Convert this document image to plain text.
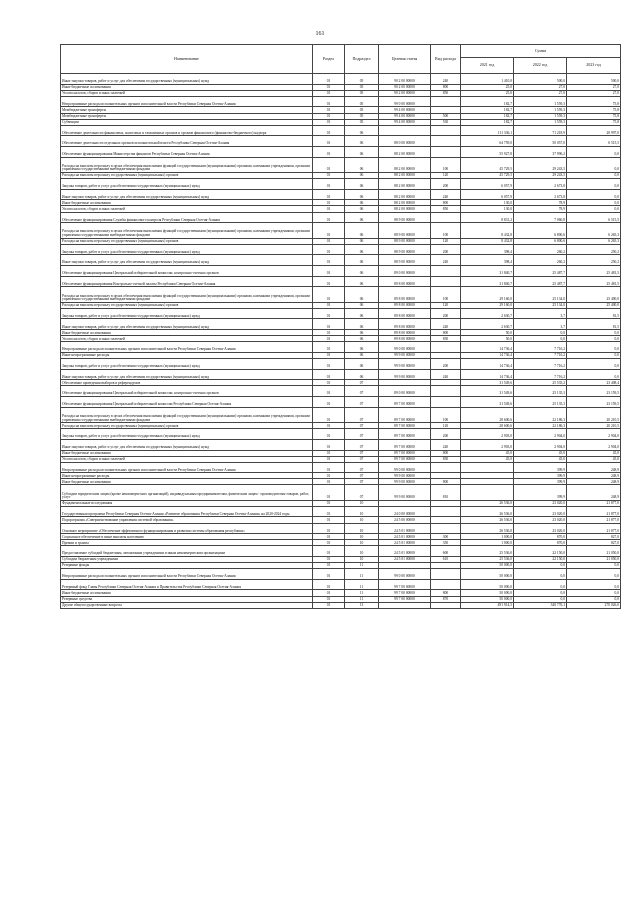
161
Наименование	Раздел	Подраздел	Целевая статья	Вид расхода	Сумма		
					2021 год	2022 год	2023 год
Иные закупки товаров, работ и услуг для обеспечения государственных (муниципальных) нужд	01	05	90 2 00 00000	240	1 410,0	500,0	500,0
Иные бюджетные ассигнования	01	05	90 2 00 00000	800	25,0	27,0	27,0
Уплата налогов, сборов и иных платежей	01	05	90 2 00 00000	850	25,0	27,0	27,0
Непрограммные расходы исполнительных органов исполнительной власти Республики Северная Осетия-Алания	01	05	99 0 00 00000		182,7	1 559,3	75,8
Межбюджетные трансферты	01	05	99 4 00 00000		182,7	1 559,3	75,8
Межбюджетные трансферты	01	05	99 4 00 00000	500	182,7	1 559,3	75,8
Субвенции	01	05	99 4 00 00000	530	182,7	1 559,3	75,8
Обеспечение деятельности финансовых, налоговых и таможенных органов и органов финансового (финансово-бюджетного) надзора	01	06			111 336,1	71 218,9	20 997,0
Обеспечение деятельности отдельных органов исполнительной власти Республики Северная Осетия-Алания	01	06	88 0 00 00000		64 759,0	50 057,0	6 515,5
Обеспечение функционирования Министерства финансов Республики Северная Осетия-Алания	01	06	88 2 00 00000		55 927,8	37 996,2	0,0
Расходы на выплаты персоналу в целях обеспечения выполнения функций государственными (муниципальными) органами, казенными учреждениями, органами управления государственными внебюджетными фондами	01	06	88 2 00 00000	100	45 729,5	29 243,5	0,0
Расходы на выплаты персоналу государственных (муниципальных) органов	01	06	88 2 00 00000	120	45 729,5	29 243,5	0,0
Закупка товаров, работ и услуг для обеспечения государственных (муниципальных) нужд	01	06	88 2 00 00000	200	6 057,9	2 673,8	0,0
Иные закупки товаров, работ и услуг для обеспечения государственных (муниципальных) нужд	01	06	88 2 00 00000	240	6 057,9	2 673,8	0,0
Иные бюджетные ассигнования	01	06	88 2 00 00000	800	130,0	78,9	0,0
Уплата налогов, сборов и иных платежей	01	06	88 2 00 00000	850	130,0	78,9	0,0
Обеспечение функционирования Службы финансового контроля Республики Северная Осетия-Алания	01	06	88 9 00 00000		8 831,2	7 060,8	6 515,5
Расходы на выплаты персоналу в целях обеспечения выполнения функций государственными (муниципальными) органами, казенными учреждениями, органами управления государственными внебюджетными фондами	01	06	88 9 00 00000	100	8 432,8	6 800,6	6 265,3
Расходы на выплаты персоналу государственных (муниципальных) органов	01	06	88 9 00 00000	120	8 432,8	6 800,6	6 265,3
Закупка товаров, работ и услуг для обеспечения государственных (муниципальных) нужд	01	06	88 9 00 00000	200	398,4	260,2	250,2
Иные закупки товаров, работ и услуг для обеспечения государственных (муниципальных) нужд	01	06	88 9 00 00000	240	398,4	260,2	250,2
Обеспечение функционирования Центральной избирательной комиссии, контрольно-счетных органов	01	06	89 0 00 00000		31 840,7	25 487,7	25 481,5
Обеспечение функционирования Контрольно-счетной палаты Республики Северная Осетия-Алания	01	06	89 8 00 00000		31 840,7	25 487,7	25 481,5
Расходы на выплаты персоналу в целях обеспечения выполнения функций государственными (муниципальными) органами, казенными учреждениями, органами управления государственными внебюджетными фондами	01	06	89 8 00 00000	100	29 160,0	25 134,0	25 400,0
Расходы на выплаты персоналу государственных (муниципальных) органов	01	06	89 8 00 00000	120	29 160,0	25 134,0	25 400,0
Закупка товаров, работ и услуг для обеспечения государственных (муниципальных) нужд	01	06	89 8 00 00000	200	2 630,7	3,7	81,5
Иные закупки товаров, работ и услуг для обеспечения государственных (муниципальных) нужд	01	06	89 8 00 00000	240	2 630,7	3,7	81,5
Иные бюджетные ассигнования	01	06	89 8 00 00000	800	50,0	0,0	0,0
Уплата налогов, сборов и иных платежей	01	06	89 8 00 00000	850	50,0	0,0	0,0
Непрограммные расходы исполнительных органов исполнительной власти Республики Северная Осетия-Алания	01	06	99 0 00 00000		14 736,4	7 716,2	0,0
Иные непрограммные расходы	01	06	99 9 00 00000		14 736,4	7 716,2	0,0
Закупка товаров, работ и услуг для обеспечения государственных (муниципальных) нужд	01	06	99 9 00 00000	200	14 736,4	7 716,2	0,0
Иные закупки товаров, работ и услуг для обеспечения государственных (муниципальных) нужд	01	06	99 9 00 00000	240	14 736,4	7 716,2	0,0
Обеспечение проведения выборов и референдумов	01	07			31 549,6	25 535,2	23 408,4
Обеспечение функционирования Центральной избирательной комиссии, контрольно-счетных органов	01	07	89 0 00 00000		31 549,6	25 135,3	23 159,5
Обеспечение функционирования Центральной избирательной комиссии Республики Северная Осетия-Алания	01	07	89 7 00 00000		31 549,6	25 135,3	23 159,5
Расходы на выплаты персоналу в целях обеспечения выполнения функций государственными (муниципальными) органами, казенными учреждениями, органами управления государственными внебюджетными фондами	01	07	89 7 00 00000	100	28 600,6	22 186,3	20 210,5
Расходы на выплаты персоналу государственных (муниципальных) органов	01	07	89 7 00 00000	120	28 600,6	22 186,3	20 210,5
Закупка товаров, работ и услуг для обеспечения государственных (муниципальных) нужд	01	07	89 7 00 00000	200	2 903,0	2 904,0	2 904,0
Иные закупки товаров, работ и услуг для обеспечения государственных (муниципальных) нужд	01	07	89 7 00 00000	240	2 903,0	2 904,0	2 904,0
Иные бюджетные ассигнования	01	07	89 7 00 00000	800	45,0	45,0	45,0
Уплата налогов, сборов и иных платежей	01	07	89 7 00 00000	850	45,0	45,0	45,0
Непрограммные расходы исполнительных органов исполнительной власти Республики Северная Осетия-Алания	01	07	99 0 00 00000			399,9	248,9
Иные непрограммные расходы	01	07	99 9 00 00000			399,9	248,9
Иные бюджетные ассигнования	01	07	99 9 00 00000	800		399,9	248,9
Субсидии юридическим лицам (кроме некоммерческих организаций), индивидуальным предпринимателям, физическим лицам - производителям товаров, работ, услуг	01	07	99 9 00 00000	810		399,9	248,9
Фундаментальные исследования	01	10			26 536,0	23 020,0	21 877,0
Государственная программа Республики Северная Осетия-Алания «Развитие образования Республики Северная Осетия-Алания» на 2020-2024 годы	01	10	24 0 00 00000		26 536,0	23 020,0	21 877,0
Подпрограмма «Совершенствование управления системой образования»	01	10	24 5 00 00000		26 536,0	23 020,0	21 877,0
Основное мероприятие «Обеспечение эффективного функционирования и развития системы образования республики»	01	10	24 5 01 00000		26 536,0	23 020,0	21 877,0
Социальное обеспечение и иные выплаты населению	01	10	24 5 01 00000	300	1 000,0	870,0	827,0
Премии и гранты	01	10	24 5 01 00000	350	1 000,0	870,0	827,0
Предоставление субсидий бюджетным, автономным учреждениям и иным некоммерческим организациям	01	10	24 5 01 00000	600	25 536,0	22 150,0	21 050,0
Субсидии бюджетным учреждениям	01	10	24 5 01 00000	610	25 536,0	22 150,0	21 050,0
Резервные фонды	01	11			50 000,0	0,0	0,0
Непрограммные расходы исполнительных органов исполнительной власти Республики Северная Осетия-Алания	01	11	99 0 00 00000		50 000,0	0,0	0,0
Резервный фонд Главы Республики Северная Осетия-Алания и Правительства Республики Северная Осетия-Алания	01	11	99 7 00 00000		50 000,0	0,0	0,0
Иные бюджетные ассигнования	01	11	99 7 00 00000	800	50 000,0	0,0	0,0
Резервные средства	01	11	99 7 00 00000	870	50 000,0	0,0	0,0
Другие общегосударственные вопросы	01	13			491 914,5	340 776,1	270 026,0
